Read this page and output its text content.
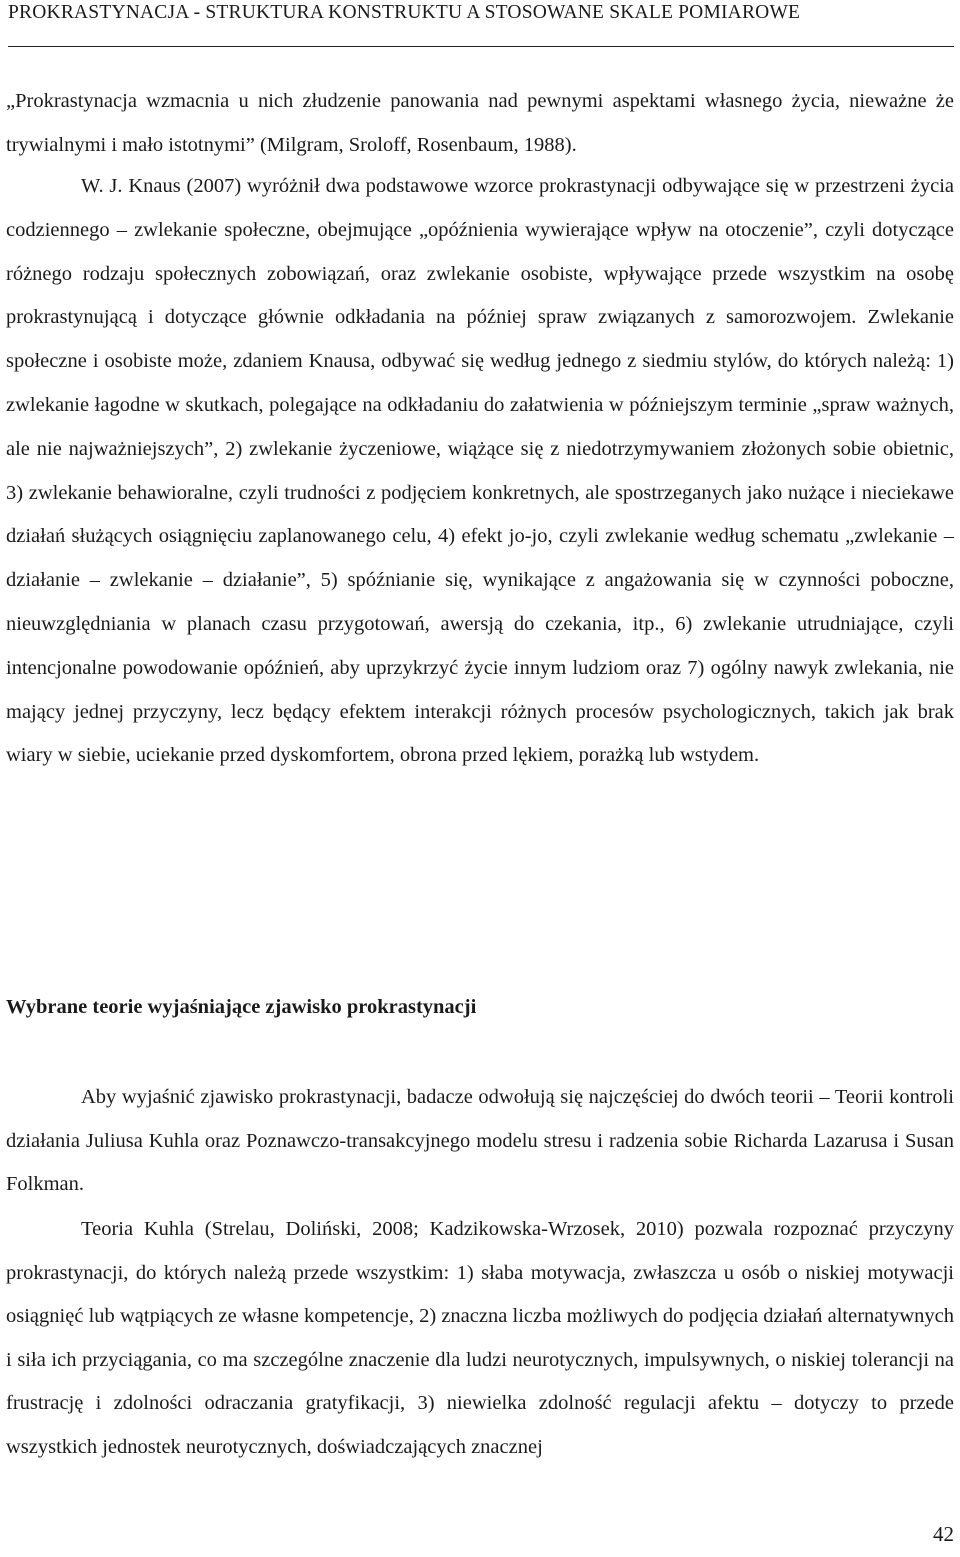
PROKRASTYNACJA - STRUKTURA KONSTRUKTU A STOSOWANE SKALE POMIAROWE

„Prokrastynacja wzmacnia u nich złudzenie panowania nad pewnymi aspektami własnego życia, nieważne że trywialnymi i mało istotnymi” (Milgram, Sroloff, Rosenbaum, 1988).

W. J. Knaus (2007) wyróżnił dwa podstawowe wzorce prokrastynacji odbywające się w przestrzeni życia codziennego – zwlekanie społeczne, obejmujące „opóźnienia wywierające wpływ na otoczenie”, czyli dotyczące różnego rodzaju społecznych zobowiązań, oraz zwlekanie osobiste, wpływające przede wszystkim na osobę prokrastynującą i dotyczące głównie odkładania na później spraw związanych z samorozwojem. Zwlekanie społeczne i osobiste może, zdaniem Knausa, odbywać się według jednego z siedmiu stylów, do których należą: 1) zwlekanie łagodne w skutkach, polegające na odkładaniu do załatwienia w późniejszym terminie „spraw ważnych, ale nie najważniejszych”, 2) zwlekanie życzeniowe, wiążące się z niedotrzymywaniem złożonych sobie obietnic, 3) zwlekanie behawioralne, czyli trudności z podjęciem konkretnych, ale spostrzeganych jako nużące i nieciekawe działań służących osiągnięciu zaplanowanego celu, 4) efekt jo-jo, czyli zwlekanie według schematu „zwlekanie – działanie – zwlekanie – działanie”, 5) spóźnianie się, wynikające z angażowania się w czynności poboczne, nieuwzględniania w planach czasu przygotowań, awersją do czekania, itp., 6) zwlekanie utrudniające, czyli intencjonalne powodowanie opóźnień, aby uprzykrzyć życie innym ludziom oraz 7) ogólny nawyk zwlekania, nie mający jednej przyczyny, lecz będący efektem interakcji różnych procesów psychologicznych, takich jak brak wiary w siebie, uciekanie przed dyskomfortem, obrona przed lękiem, porażką lub wstydem.

Wybrane teorie wyjaśniające zjawisko prokrastynacji

Aby wyjaśnić zjawisko prokrastynacji, badacze odwołują się najczęściej do dwóch teorii – Teorii kontroli działania Juliusa Kuhla oraz Poznawczo-transakcyjnego modelu stresu i radzenia sobie Richarda Lazarusa i Susan Folkman.

Teoria Kuhla (Strelau, Doliński, 2008; Kadzikowska-Wrzosek, 2010) pozwala rozpoznać przyczyny prokrastynacji, do których należą przede wszystkim: 1) słaba motywacja, zwłaszcza u osób o niskiej motywacji osiągnięć lub wątpiących ze własne kompetencje, 2) znaczna liczba możliwych do podjęcia działań alternatywnych i siła ich przyciągania, co ma szczególne znaczenie dla ludzi neurotycznych, impulsywnych, o niskiej tolerancji na frustrację i zdolności odraczania gratyfikacji, 3) niewielka zdolność regulacji afektu – dotyczy to przede wszystkich jednostek neurotycznych, doświadczających znacznej

42
